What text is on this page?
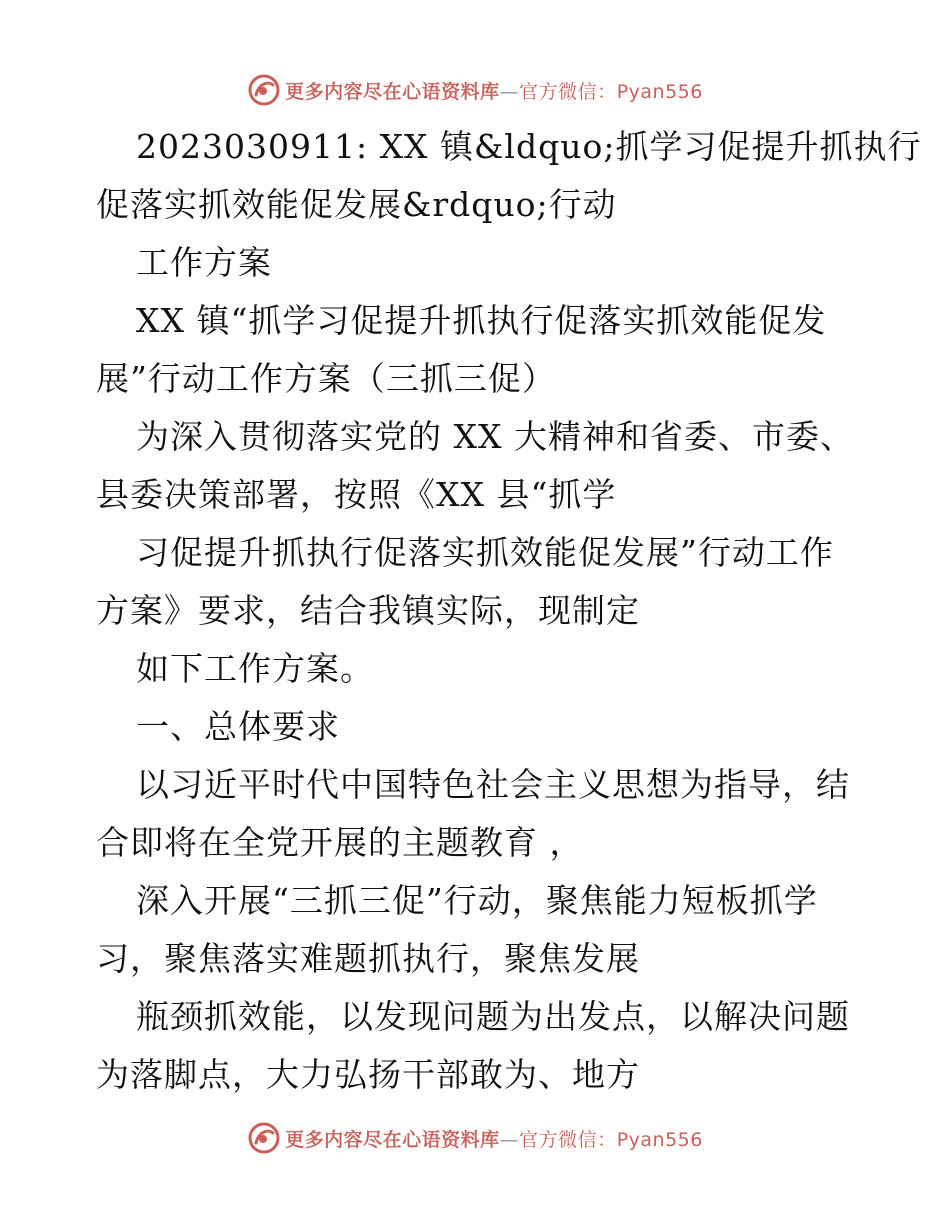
更多内容尽在心语资料库—官方微信：Pyan556
2023030911: XX 镇&ldquo;抓学习促提升抓执行
促落实抓效能促发展&rdquo;行动
工作方案
XX 镇“抓学习促提升抓执行促落实抓效能促发
展”行动工作方案（三抓三促）
为深入贯彻落实党的 XX 大精神和省委、市委、
县委决策部署，按照《XX 县“抓学
习促提升抓执行促落实抓效能促发展”行动工作
方案》要求，结合我镇实际，现制定
如下工作方案。
一、总体要求
以习近平时代中国特色社会主义思想为指导，结
合即将在全党开展的主题教育 ，
深入开展“三抓三促”行动，聚焦能力短板抓学
习，聚焦落实难题抓执行，聚焦发展
瓶颈抓效能，以发现问题为出发点，以解决问题
为落脚点，大力弘扬干部敢为、地方
更多内容尽在心语资料库—官方微信：Pyan556
